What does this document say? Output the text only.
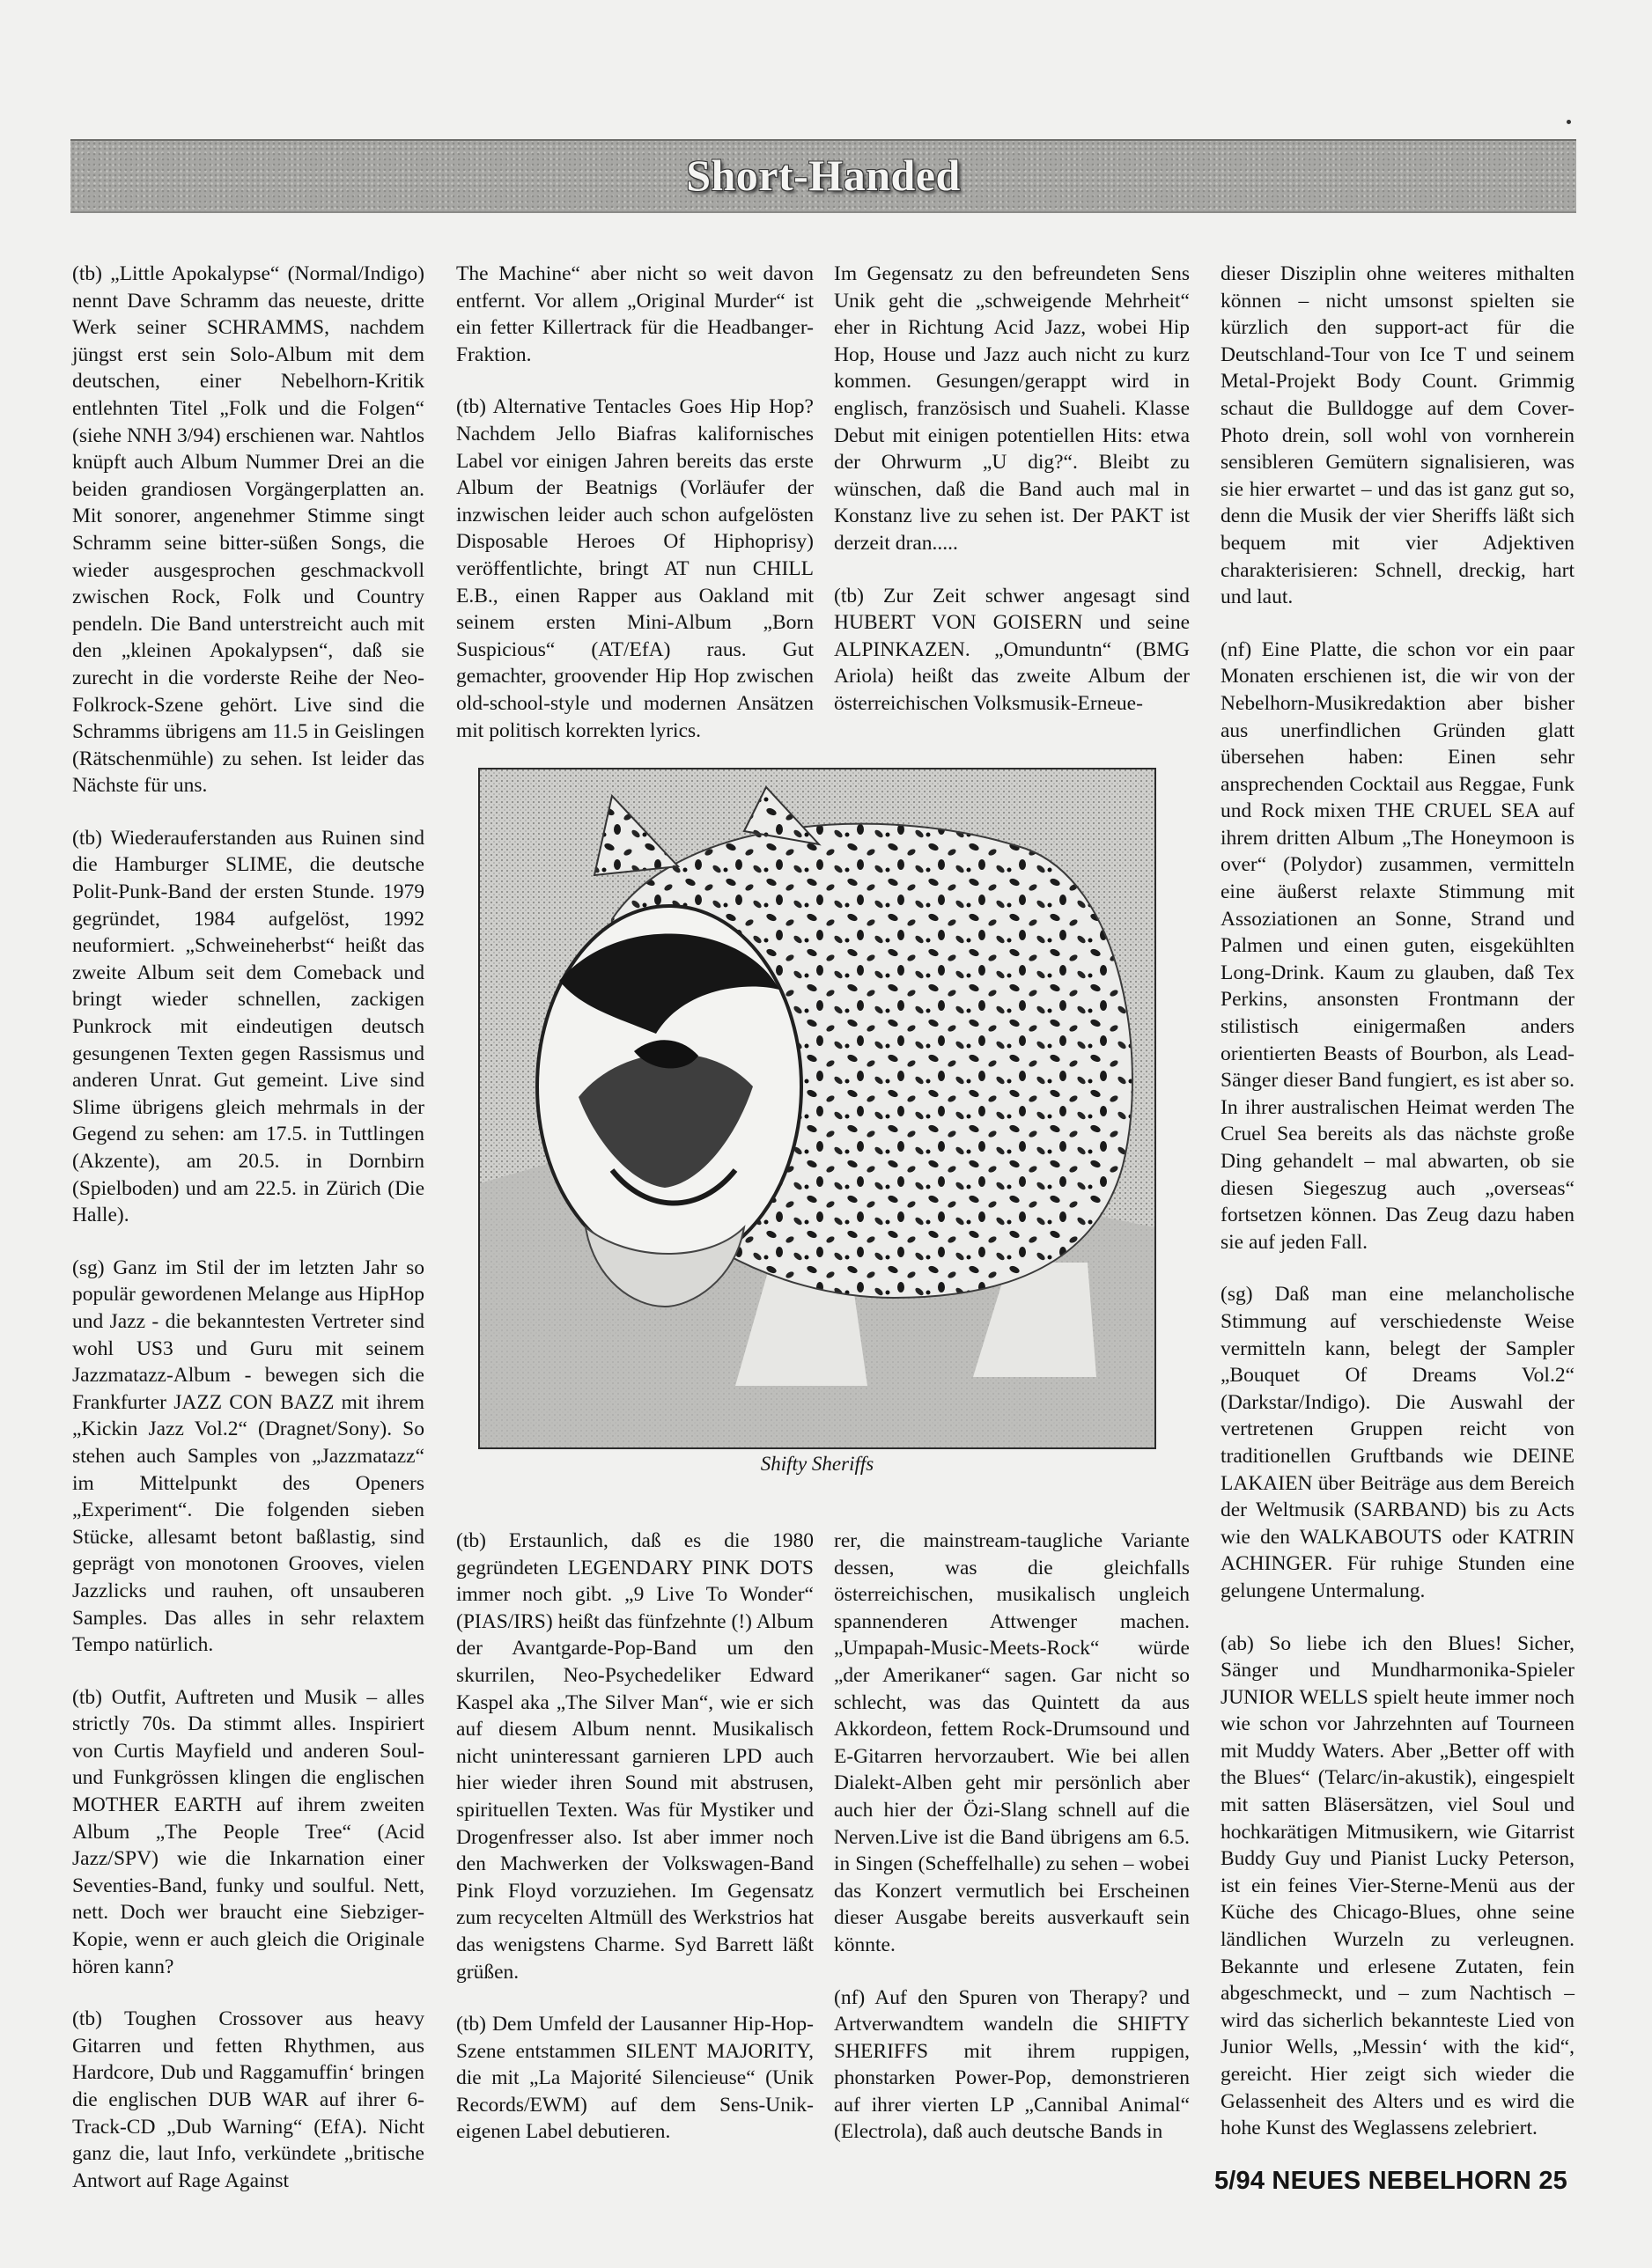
Short-Handed

(tb) „Little Apokalypse“ (Normal/Indigo) nennt Dave Schramm das neueste, dritte Werk seiner SCHRAMMS, nachdem jüngst erst sein Solo-Album mit dem deutschen, einer Nebelhorn-Kritik entlehnten Titel „Folk und die Folgen“ (siehe NNH 3/94) erschienen war. Nahtlos knüpft auch Album Nummer Drei an die beiden grandiosen Vorgängerplatten an. Mit sonorer, angenehmer Stimme singt Schramm seine bitter-süßen Songs, die wieder ausgesprochen geschmackvoll zwischen Rock, Folk und Country pendeln. Die Band unterstreicht auch mit den „kleinen Apokalypsen“, daß sie zurecht in die vorderste Reihe der Neo-Folkrock-Szene gehört. Live sind die Schramms übrigens am 11.5 in Geislingen (Rätschenmühle) zu sehen. Ist leider das Nächste für uns.

(tb) Wiederauferstanden aus Ruinen sind die Hamburger SLIME, die deutsche Polit-Punk-Band der ersten Stunde. 1979 gegründet, 1984 aufgelöst, 1992 neuformiert. „Schweineherbst“ heißt das zweite Album seit dem Comeback und bringt wieder schnellen, zackigen Punkrock mit eindeutigen deutsch gesungenen Texten gegen Rassismus und anderen Unrat. Gut gemeint. Live sind Slime übrigens gleich mehrmals in der Gegend zu sehen: am 17.5. in Tuttlingen (Akzente), am 20.5. in Dornbirn (Spielboden) und am 22.5. in Zürich (Die Halle).

(sg) Ganz im Stil der im letzten Jahr so populär gewordenen Melange aus HipHop und Jazz - die bekanntesten Vertreter sind wohl US3 und Guru mit seinem Jazzmatazz-Album - bewegen sich die Frankfurter JAZZ CON BAZZ mit ihrem „Kickin Jazz Vol.2“ (Dragnet/Sony). So stehen auch Samples von „Jazzmatazz“ im Mittelpunkt des Openers „Experiment“. Die folgenden sieben Stücke, allesamt betont baßlastig, sind geprägt von monotonen Grooves, vielen Jazzlicks und rauhen, oft unsauberen Samples. Das alles in sehr relaxtem Tempo natürlich.

(tb) Outfit, Auftreten und Musik – alles strictly 70s. Da stimmt alles. Inspiriert von Curtis Mayfield und anderen Soul- und Funkgrössen klingen die englischen MOTHER EARTH auf ihrem zweiten Album „The People Tree“ (Acid Jazz/SPV) wie die Inkarnation einer Seventies-Band, funky und soulful. Nett, nett. Doch wer braucht eine Siebziger-Kopie, wenn er auch gleich die Originale hören kann?

(tb) Toughen Crossover aus heavy Gitarren und fetten Rhythmen, aus Hardcore, Dub und Raggamuffin‘ bringen die englischen DUB WAR auf ihrer 6-Track-CD „Dub Warning“ (EfA). Nicht ganz die, laut Info, verkündete „britische Antwort auf Rage Against

The Machine“ aber nicht so weit davon entfernt. Vor allem „Original Murder“ ist ein fetter Killertrack für die Headbanger-Fraktion.

(tb) Alternative Tentacles Goes Hip Hop? Nachdem Jello Biafras kalifornisches Label vor einigen Jahren bereits das erste Album der Beatnigs (Vorläufer der inzwischen leider auch schon aufgelösten Disposable Heroes Of Hiphoprisy) veröffentlichte, bringt AT nun CHILL E.B., einen Rapper aus Oakland mit seinem ersten Mini-Album „Born Suspicious“ (AT/EfA) raus. Gut gemachter, groovender Hip Hop zwischen old-school-style und modernen Ansätzen mit politisch korrekten lyrics.

Im Gegensatz zu den befreundeten Sens Unik geht die „schweigende Mehrheit“ eher in Richtung Acid Jazz, wobei Hip Hop, House und Jazz auch nicht zu kurz kommen. Gesungen/gerappt wird in englisch, französisch und Suaheli. Klasse Debut mit einigen potentiellen Hits: etwa der Ohrwurm „U dig?“. Bleibt zu wünschen, daß die Band auch mal in Konstanz live zu sehen ist. Der PAKT ist derzeit dran.....

(tb) Zur Zeit schwer angesagt sind HUBERT VON GOISERN und seine ALPINKAZEN. „Omunduntn“ (BMG Ariola) heißt das zweite Album der österreichischen Volksmusik-Erneue-

dieser Disziplin ohne weiteres mithalten können – nicht umsonst spielten sie kürzlich den support-act für die Deutschland-Tour von Ice T und seinem Metal-Projekt Body Count. Grimmig schaut die Bulldogge auf dem Cover-Photo drein, soll wohl von vornherein sensibleren Gemütern signalisieren, was sie hier erwartet – und das ist ganz gut so, denn die Musik der vier Sheriffs läßt sich bequem mit vier Adjektiven charakterisieren: Schnell, dreckig, hart und laut.

(nf) Eine Platte, die schon vor ein paar Monaten erschienen ist, die wir von der Nebelhorn-Musikredaktion aber bisher aus unerfindlichen Gründen glatt übersehen haben: Einen sehr ansprechenden Cocktail aus Reggae, Funk und Rock mixen THE CRUEL SEA auf ihrem dritten Album „The Honeymoon is over“ (Polydor) zusammen, vermitteln eine äußerst relaxte Stimmung mit Assoziationen an Sonne, Strand und Palmen und einen guten, eisgekühlten Long-Drink. Kaum zu glauben, daß Tex Perkins, ansonsten Frontmann der stilistisch einigermaßen anders orientierten Beasts of Bourbon, als Lead-Sänger dieser Band fungiert, es ist aber so. In ihrer australischen Heimat werden The Cruel Sea bereits als das nächste große Ding gehandelt – mal abwarten, ob sie diesen Siegeszug auch „overseas“ fortsetzen können. Das Zeug dazu haben sie auf jeden Fall.

(sg) Daß man eine melancholische Stimmung auf verschiedenste Weise vermitteln kann, belegt der Sampler „Bouquet Of Dreams Vol.2“ (Darkstar/Indigo). Die Auswahl der vertretenen Gruppen reicht von traditionellen Gruftbands wie DEINE LAKAIEN über Beiträge aus dem Bereich der Weltmusik (SARBAND) bis zu Acts wie den WALKABOUTS oder KATRIN ACHINGER. Für ruhige Stunden eine gelungene Untermalung.

(ab) So liebe ich den Blues! Sicher, Sänger und Mundharmonika-Spieler JUNIOR WELLS spielt heute immer noch wie schon vor Jahrzehnten auf Tourneen mit Muddy Waters. Aber „Better off with the Blues“ (Telarc/in-akustik), eingespielt mit satten Bläsersätzen, viel Soul und hochkarätigen Mitmusikern, wie Gitarrist Buddy Guy und Pianist Lucky Peterson, ist ein feines Vier-Sterne-Menü aus der Küche des Chicago-Blues, ohne seine ländlichen Wurzeln zu verleugnen. Bekannte und erlesene Zutaten, fein abgeschmeckt, und – zum Nachtisch – wird das sicherlich bekannteste Lied von Junior Wells, „Messin‘ with the kid“, gereicht. Hier zeigt sich wieder die Gelassenheit des Alters und es wird die hohe Kunst des Weglassens zelebriert.

Shifty Sheriffs

(tb) Erstaunlich, daß es die 1980 gegründeten LEGENDARY PINK DOTS immer noch gibt. „9 Live To Wonder“ (PIAS/IRS) heißt das fünfzehnte (!) Album der Avantgarde-Pop-Band um den skurrilen, Neo-Psychedeliker Edward Kaspel aka „The Silver Man“, wie er sich auf diesem Album nennt. Musikalisch nicht uninteressant garnieren LPD auch hier wieder ihren Sound mit abstrusen, spirituellen Texten. Was für Mystiker und Drogenfresser also. Ist aber immer noch den Machwerken der Volkswagen-Band Pink Floyd vorzuziehen. Im Gegensatz zum recycelten Altmüll des Werkstrios hat das wenigstens Charme. Syd Barrett läßt grüßen.

(tb) Dem Umfeld der Lausanner Hip-Hop-Szene entstammen SILENT MAJORITY, die mit „La Majorité Silencieuse“ (Unik Records/EWM) auf dem Sens-Unik-eigenen Label debutieren.

rer, die mainstream-taugliche Variante dessen, was die gleichfalls österreichischen, musikalisch ungleich spannenderen Attwenger machen. „Umpapah-Music-Meets-Rock“ würde „der Amerikaner“ sagen. Gar nicht so schlecht, was das Quintett da aus Akkordeon, fettem Rock-Drumsound und E-Gitarren hervorzaubert. Wie bei allen Dialekt-Alben geht mir persönlich aber auch hier der Özi-Slang schnell auf die Nerven.Live ist die Band übrigens am 6.5. in Singen (Scheffelhalle) zu sehen – wobei das Konzert vermutlich bei Erscheinen dieser Ausgabe bereits ausverkauft sein könnte.

(nf) Auf den Spuren von Therapy? und Artverwandtem wandeln die SHIFTY SHERIFFS mit ihrem ruppigen, phonstarken Power-Pop, demonstrieren auf ihrer vierten LP „Cannibal Animal“ (Electrola), daß auch deutsche Bands in

5/94 NEUES NEBELHORN 25
